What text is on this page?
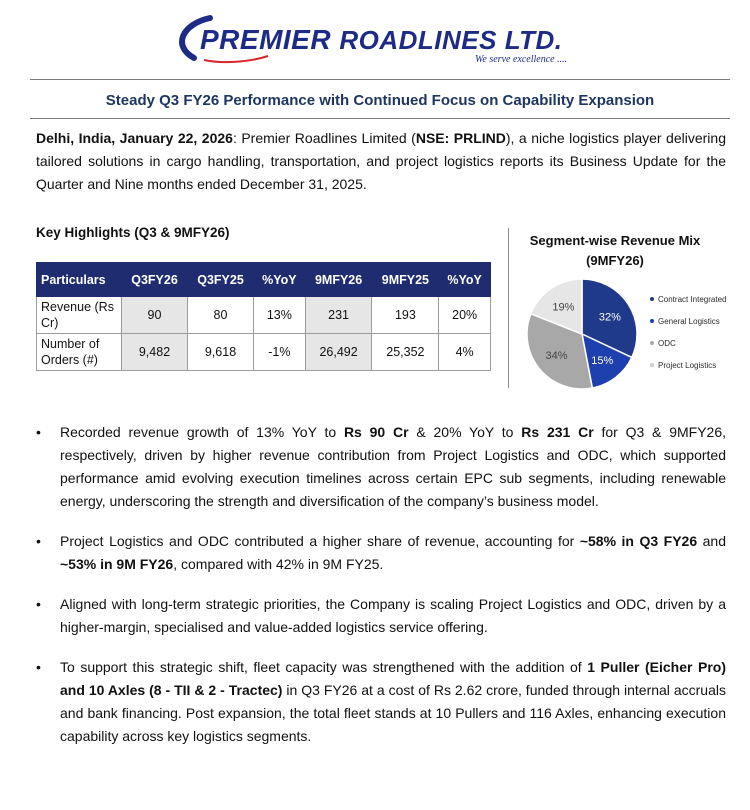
PREMIER ROADLINES LTD.
We serve excellence ....
Steady Q3 FY26 Performance with Continued Focus on Capability Expansion
Delhi, India, January 22, 2026: Premier Roadlines Limited (NSE: PRLIND), a niche logistics player delivering tailored solutions in cargo handling, transportation, and project logistics reports its Business Update for the Quarter and Nine months ended December 31, 2025.
Key Highlights (Q3 & 9MFY26)
Particulars	Q3FY26	Q3FY25	%YoY	9MFY26	9MFY25	%YoY
Revenue (Rs Cr)	90	80	13%	231	193	20%
Number of Orders (#)	9,482	9,618	-1%	26,492	25,352	4%
Segment-wise Revenue Mix
(9MFY26)
32%
15%
34%
19%
Contract Integrated
General Logistics
ODC
Project Logistics
• Recorded revenue growth of 13% YoY to Rs 90 Cr & 20% YoY to Rs 231 Cr for Q3 & 9MFY26, respectively, driven by higher revenue contribution from Project Logistics and ODC, which supported performance amid evolving execution timelines across certain EPC sub segments, including renewable energy, underscoring the strength and diversification of the company’s business model.
• Project Logistics and ODC contributed a higher share of revenue, accounting for ~58% in Q3 FY26 and ~53% in 9M FY26, compared with 42% in 9M FY25.
• Aligned with long-term strategic priorities, the Company is scaling Project Logistics and ODC, driven by a higher-margin, specialised and value-added logistics service offering.
• To support this strategic shift, fleet capacity was strengthened with the addition of 1 Puller (Eicher Pro) and 10 Axles (8 - TII & 2 - Tractec) in Q3 FY26 at a cost of Rs 2.62 crore, funded through internal accruals and bank financing. Post expansion, the total fleet stands at 10 Pullers and 116 Axles, enhancing execution capability across key logistics segments.
